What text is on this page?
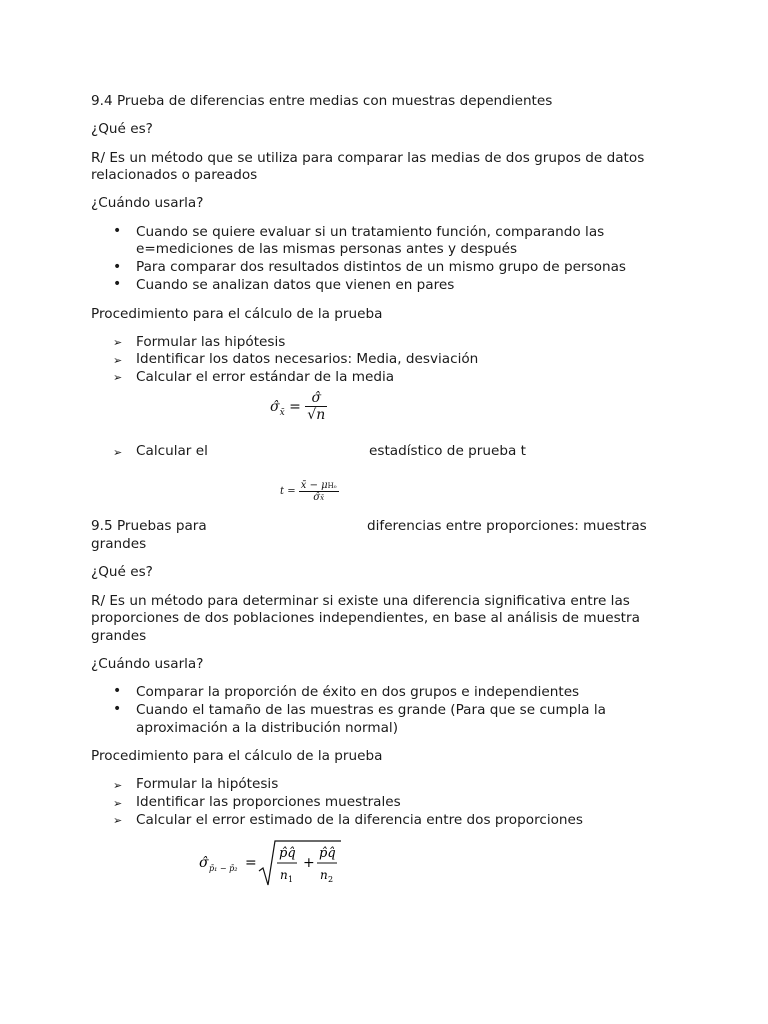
9.4 Prueba de diferencias entre medias con muestras dependientes
¿Qué es?
R/ Es un método que se utiliza para comparar las medias de dos grupos de datos
relacionados o pareados
¿Cuándo usarla?
• Cuando se quiere evaluar si un tratamiento función, comparando las
e=mediciones de las mismas personas antes y después
• Para comparar dos resultados distintos de un mismo grupo de personas
• Cuando se analizan datos que vienen en pares
Procedimiento para el cálculo de la prueba
➢ Formular las hipótesis
➢ Identificar los datos necesarios: Media, desviación
➢ Calcular el error estándar de la media
$\sigmâ_{x̄} = \frac{\sigmâ}{√n}$
➢ Calcular el	estadístico de prueba t
$t = \frac{\text{x̄ − μH₀}}{\sigmâx̄}$
9.5 Pruebas para	diferencias entre proporciones: muestras
grandes
¿Qué es?
R/ Es un método para determinar si existe una diferencia significativa entre las
proporciones de dos poblaciones independientes, en base al análisis de muestra
grandes
¿Cuándo usarla?
• Comparar la proporción de éxito en dos grupos e independientes
• Cuando el tamaño de las muestras es grande (Para que se cumpla la
aproximación a la distribución normal)
Procedimiento para el cálculo de la prueba
➢ Formular la hipótesis
➢ Identificar las proporciones muestrales
➢ Calcular el error estimado de la diferencia entre dos proporciones
σ̂ p̄₁ − p̄₂ =
p̂q̂
n 1
+
p̂q̂
n 2
